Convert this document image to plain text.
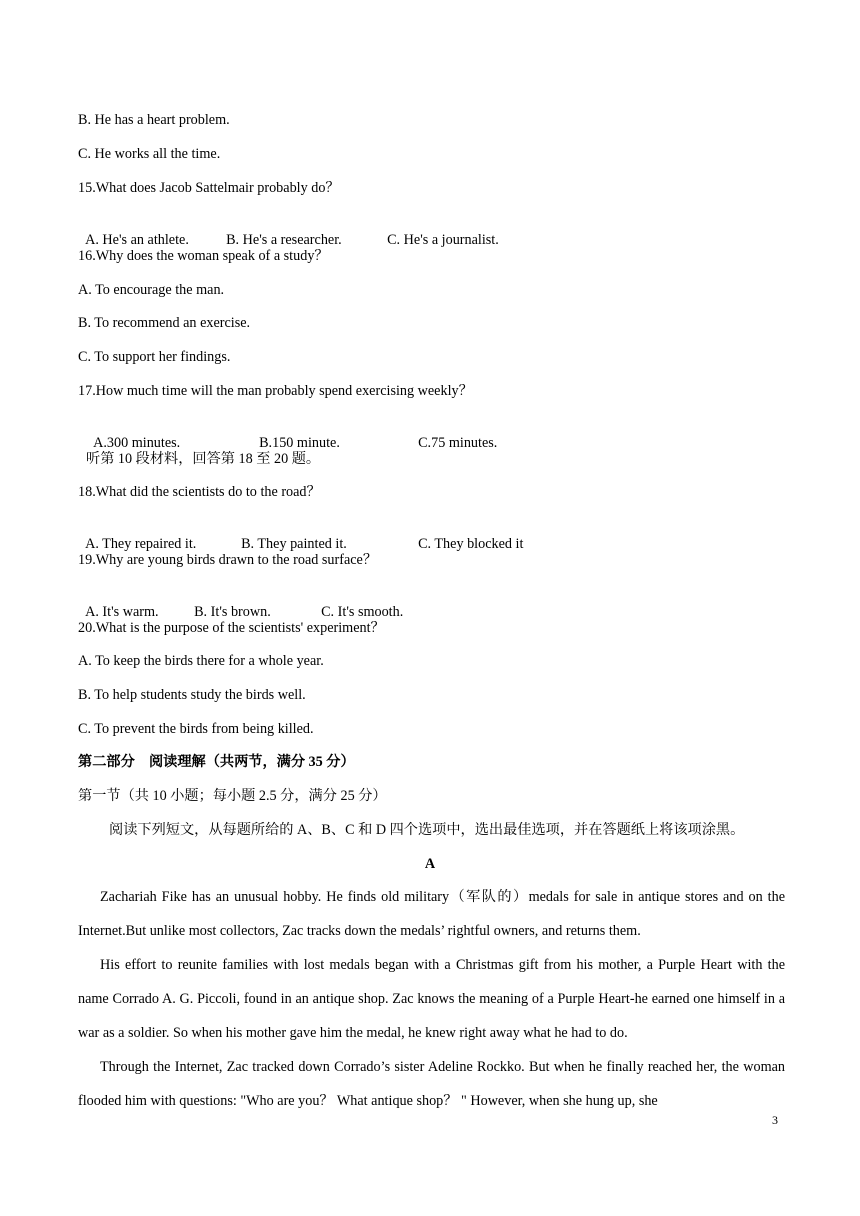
B. He has a heart problem.
C. He works all the time.
15.What does Jacob Sattelmair probably do？

A. He's an athlete.	B. He's a researcher.	C. He's a journalist.

16.Why does the woman speak of a study？
A. To encourage the man.
B. To recommend an exercise.
C. To support her findings.
17.How much time will the man probably spend exercising weekly？

A.300 minutes.	B.150 minute.	C.75 minutes.

听第 10 段材料，回答第 18 至 20 题。
18.What did the scientists do to the road？

A. They repaired it.	B. They painted it.	C. They blocked it

19.Why are young birds drawn to the road surface？

A. It's warm.	B. It's brown.	C. It's smooth.

20.What is the purpose of the scientists' experiment？
A. To keep the birds there for a whole year.
B. To help students study the birds well.
C. To prevent the birds from being killed.
第二部分　阅读理解（共两节，满分 35 分）
第一节（共 10 小题；每小题 2.5 分，满分 25 分）
阅读下列短文，从每题所给的 A、B、C 和 D 四个选项中，选出最佳选项，并在答题纸上将该项涂黑。
A
Zachariah Fike has an unusual hobby. He finds old military（军队的）medals for sale in antique stores and on the Internet.But unlike most collectors, Zac tracks down the medals’ rightful owners, and returns them.
His effort to reunite families with lost medals began with a Christmas gift from his mother, a Purple Heart with the name Corrado A. G. Piccoli, found in an antique shop. Zac knows the meaning of a Purple Heart-he earned one himself in a war as a soldier. So when his mother gave him the medal, he knew right away what he had to do.
Through the Internet, Zac tracked down Corrado’s sister Adeline Rockko. But when he finally reached her, the woman flooded him with questions: "Who are you？ What antique shop？ " However, when she hung up, she
3
